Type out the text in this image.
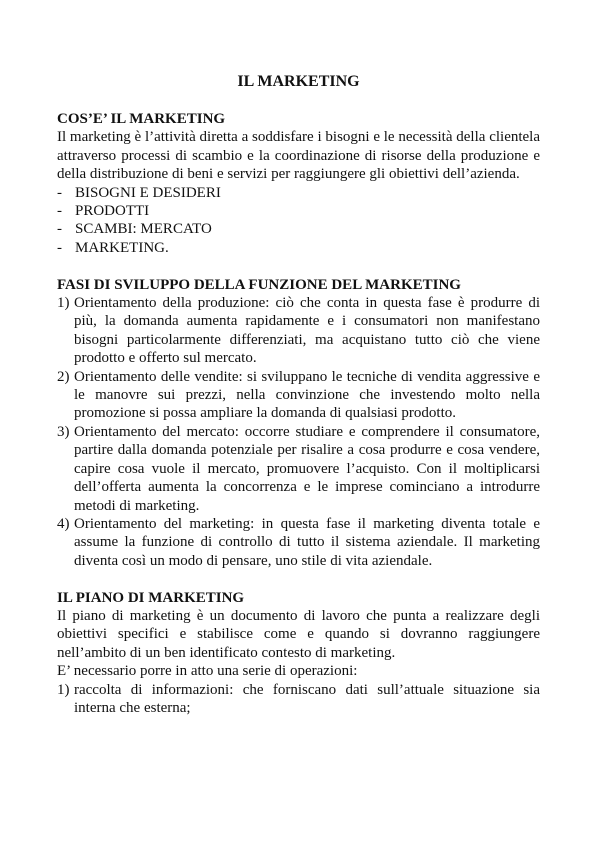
IL MARKETING

COS’E’ IL MARKETING

Il marketing è l’attività diretta a soddisfare i bisogni e le necessità della clientela attraverso processi di scambio e la coordinazione di risorse della produzione e della distribuzione di beni e servizi per raggiungere gli obiettivi dell’azienda.

- BISOGNI E DESIDERI
- PRODOTTI
- SCAMBI: MERCATO
- MARKETING.

FASI DI SVILUPPO DELLA FUNZIONE DEL MARKETING

1) Orientamento della produzione: ciò che conta in questa fase è produrre di più, la domanda aumenta rapidamente e i consumatori non manifestano bisogni particolarmente differenziati, ma acquistano tutto ciò che viene prodotto e offerto sul mercato.
2) Orientamento delle vendite: si sviluppano le tecniche di vendita aggressive e le manovre sui prezzi, nella convinzione che investendo molto nella promozione si possa ampliare la domanda di qualsiasi prodotto.
3) Orientamento del mercato: occorre studiare e comprendere il consumatore, partire dalla domanda potenziale per risalire a cosa produrre e cosa vendere, capire cosa vuole il mercato, promuovere l’acquisto. Con il moltiplicarsi dell’offerta aumenta la concorrenza e le imprese cominciano a introdurre metodi di marketing.
4) Orientamento del marketing: in questa fase il marketing diventa totale e assume la funzione di controllo di tutto il sistema aziendale. Il marketing diventa così un modo di pensare, uno stile di vita aziendale.

IL PIANO DI MARKETING

Il piano di marketing è un documento di lavoro che punta a realizzare degli obiettivi specifici e stabilisce come e quando si dovranno raggiungere nell’ambito di un ben identificato contesto di marketing.

E’ necessario porre in atto una serie di operazioni:

1) raccolta di informazioni: che forniscano dati sull’attuale situazione sia interna che esterna;
